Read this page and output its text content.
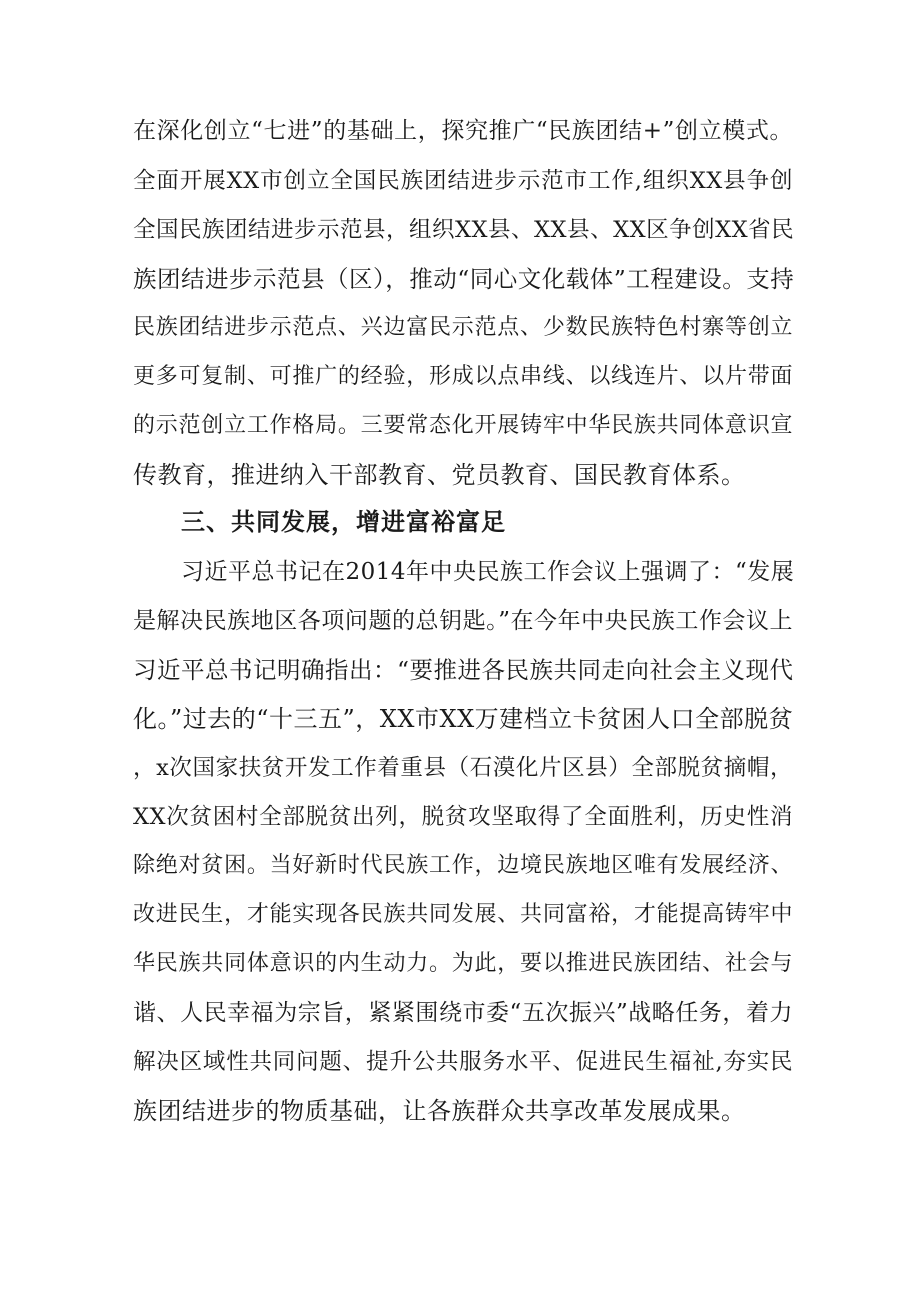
在深化创立“七进”的基础上，探究推广“民族团结+”创立模式。
全面开展XX市创立全国民族团结进步示范市工作,组织XX县争创
全国民族团结进步示范县，组织XX县、XX县、XX区争创XX省民
族团结进步示范县（区），推动“同心文化载体”工程建设。支持
民族团结进步示范点、兴边富民示范点、少数民族特色村寨等创立
更多可复制、可推广的经验，形成以点串线、以线连片、以片带面
的示范创立工作格局。三要常态化开展铸牢中华民族共同体意识宣
传教育，推进纳入干部教育、党员教育、国民教育体系。
三、共同发展，增进富裕富足
习近平总书记在2014年中央民族工作会议上强调了：“发展
是解决民族地区各项问题的总钥匙。”在今年中央民族工作会议上
习近平总书记明确指出：“要推进各民族共同走向社会主义现代
化。”过去的“十三五”，XX市XX万建档立卡贫困人口全部脱贫
，x次国家扶贫开发工作着重县（石漠化片区县）全部脱贫摘帽，
XX次贫困村全部脱贫出列，脱贫攻坚取得了全面胜利，历史性消
除绝对贫困。当好新时代民族工作，边境民族地区唯有发展经济、
改进民生，才能实现各民族共同发展、共同富裕，才能提高铸牢中
华民族共同体意识的内生动力。为此，要以推进民族团结、社会与
谐、人民幸福为宗旨，紧紧围绕市委“五次振兴”战略任务，着力
解决区域性共同问题、提升公共服务水平、促进民生福祉,夯实民
族团结进步的物质基础，让各族群众共享改革发展成果。
